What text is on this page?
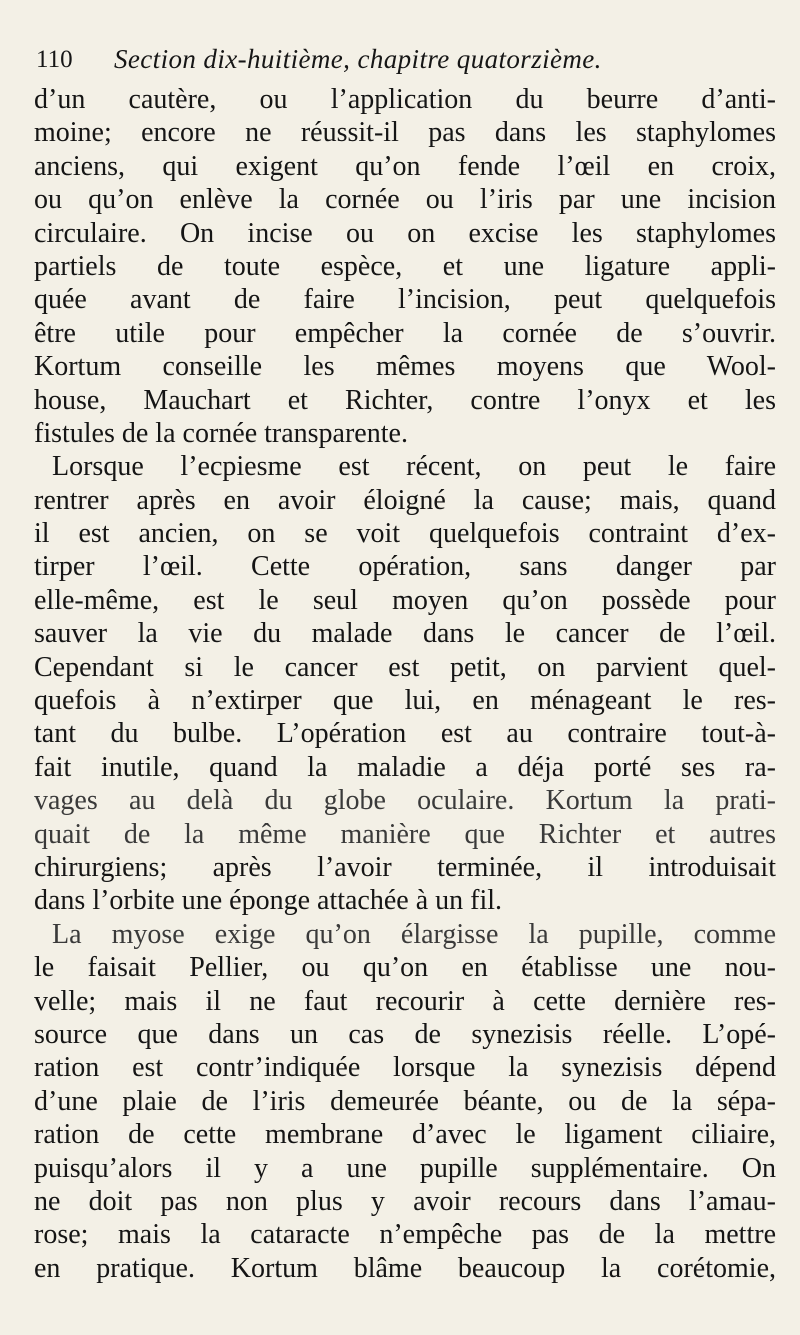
110 Section dix-huitième, chapitre quatorzième.
d’un cautère, ou l’application du beurre d’anti-
moine; encore ne réussit-il pas dans les staphylomes
anciens, qui exigent qu’on fende l’œil en croix,
ou qu’on enlève la cornée ou l’iris par une incision
circulaire. On incise ou on excise les staphylomes
partiels de toute espèce, et une ligature appli-
quée avant de faire l’incision, peut quelquefois
être utile pour empêcher la cornée de s’ouvrir.
Kortum conseille les mêmes moyens que Wool-
house, Mauchart et Richter, contre l’onyx et les
fistules de la cornée transparente.
Lorsque l’ecpiesme est récent, on peut le faire
rentrer après en avoir éloigné la cause; mais, quand
il est ancien, on se voit quelquefois contraint d’ex-
tirper l’œil. Cette opération, sans danger par
elle-même, est le seul moyen qu’on possède pour
sauver la vie du malade dans le cancer de l’œil.
Cependant si le cancer est petit, on parvient quel-
quefois à n’extirper que lui, en ménageant le res-
tant du bulbe. L’opération est au contraire tout-à-
fait inutile, quand la maladie a déja porté ses ra-
vages au delà du globe oculaire. Kortum la prati-
quait de la même manière que Richter et autres
chirurgiens; après l’avoir terminée, il introduisait
dans l’orbite une éponge attachée à un fil.
La myose exige qu’on élargisse la pupille, comme
le faisait Pellier, ou qu’on en établisse une nou-
velle; mais il ne faut recourir à cette dernière res-
source que dans un cas de synezisis réelle. L’opé-
ration est contr’indiquée lorsque la synezisis dépend
d’une plaie de l’iris demeurée béante, ou de la sépa-
ration de cette membrane d’avec le ligament ciliaire,
puisqu’alors il y a une pupille supplémentaire. On
ne doit pas non plus y avoir recours dans l’amau-
rose; mais la cataracte n’empêche pas de la mettre
en pratique. Kortum blâme beaucoup la corétomie,
